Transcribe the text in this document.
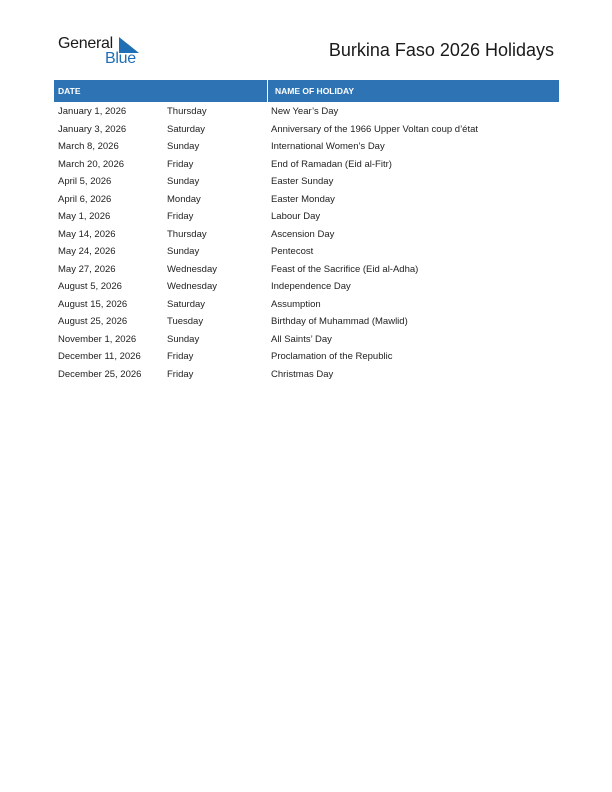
General
Blue	Burkina Faso 2026 Holidays
DATE	NAME OF HOLIDAY
January 1, 2026	Thursday	New Year’s Day
January 3, 2026	Saturday	Anniversary of the 1966 Upper Voltan coup d’état
March 8, 2026	Sunday	International Women’s Day
March 20, 2026	Friday	End of Ramadan (Eid al-Fitr)
April 5, 2026	Sunday	Easter Sunday
April 6, 2026	Monday	Easter Monday
May 1, 2026	Friday	Labour Day
May 14, 2026	Thursday	Ascension Day
May 24, 2026	Sunday	Pentecost
May 27, 2026	Wednesday	Feast of the Sacrifice (Eid al-Adha)
August 5, 2026	Wednesday	Independence Day
August 15, 2026	Saturday	Assumption
August 25, 2026	Tuesday	Birthday of Muhammad (Mawlid)
November 1, 2026	Sunday	All Saints’ Day
December 11, 2026	Friday	Proclamation of the Republic
December 25, 2026	Friday	Christmas Day
